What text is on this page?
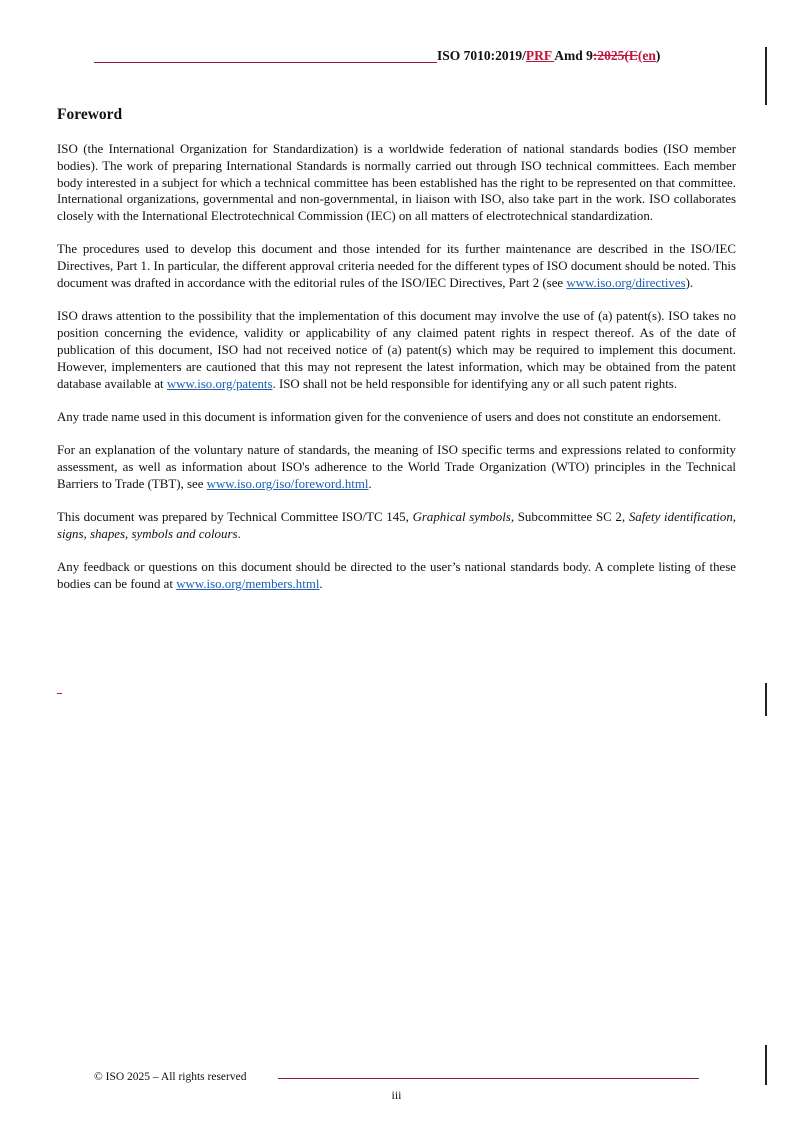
ISO 7010:2019/PRF Amd 9:2025(E(en)
Foreword

ISO (the International Organization for Standardization) is a worldwide federation of national standards bodies (ISO member bodies). The work of preparing International Standards is normally carried out through ISO technical committees. Each member body interested in a subject for which a technical committee has been established has the right to be represented on that committee. International organizations, governmental and non-governmental, in liaison with ISO, also take part in the work. ISO collaborates closely with the International Electrotechnical Commission (IEC) on all matters of electrotechnical standardization.

The procedures used to develop this document and those intended for its further maintenance are described in the ISO/IEC Directives, Part 1. In particular, the different approval criteria needed for the different types of ISO document should be noted. This document was drafted in accordance with the editorial rules of the ISO/IEC Directives, Part 2 (see www.iso.org/directives).

ISO draws attention to the possibility that the implementation of this document may involve the use of (a) patent(s). ISO takes no position concerning the evidence, validity or applicability of any claimed patent rights in respect thereof. As of the date of publication of this document, ISO had not received notice of (a) patent(s) which may be required to implement this document. However, implementers are cautioned that this may not represent the latest information, which may be obtained from the patent database available at www.iso.org/patents. ISO shall not be held responsible for identifying any or all such patent rights.

Any trade name used in this document is information given for the convenience of users and does not constitute an endorsement.

For an explanation of the voluntary nature of standards, the meaning of ISO specific terms and expressions related to conformity assessment, as well as information about ISO's adherence to the World Trade Organization (WTO) principles in the Technical Barriers to Trade (TBT), see www.iso.org/iso/foreword.html.

This document was prepared by Technical Committee ISO/TC 145, Graphical symbols, Subcommittee SC 2, Safety identification, signs, shapes, symbols and colours.

Any feedback or questions on this document should be directed to the user’s national standards body. A complete listing of these bodies can be found at www.iso.org/members.html.

© ISO 2025 – All rights reserved
iii
